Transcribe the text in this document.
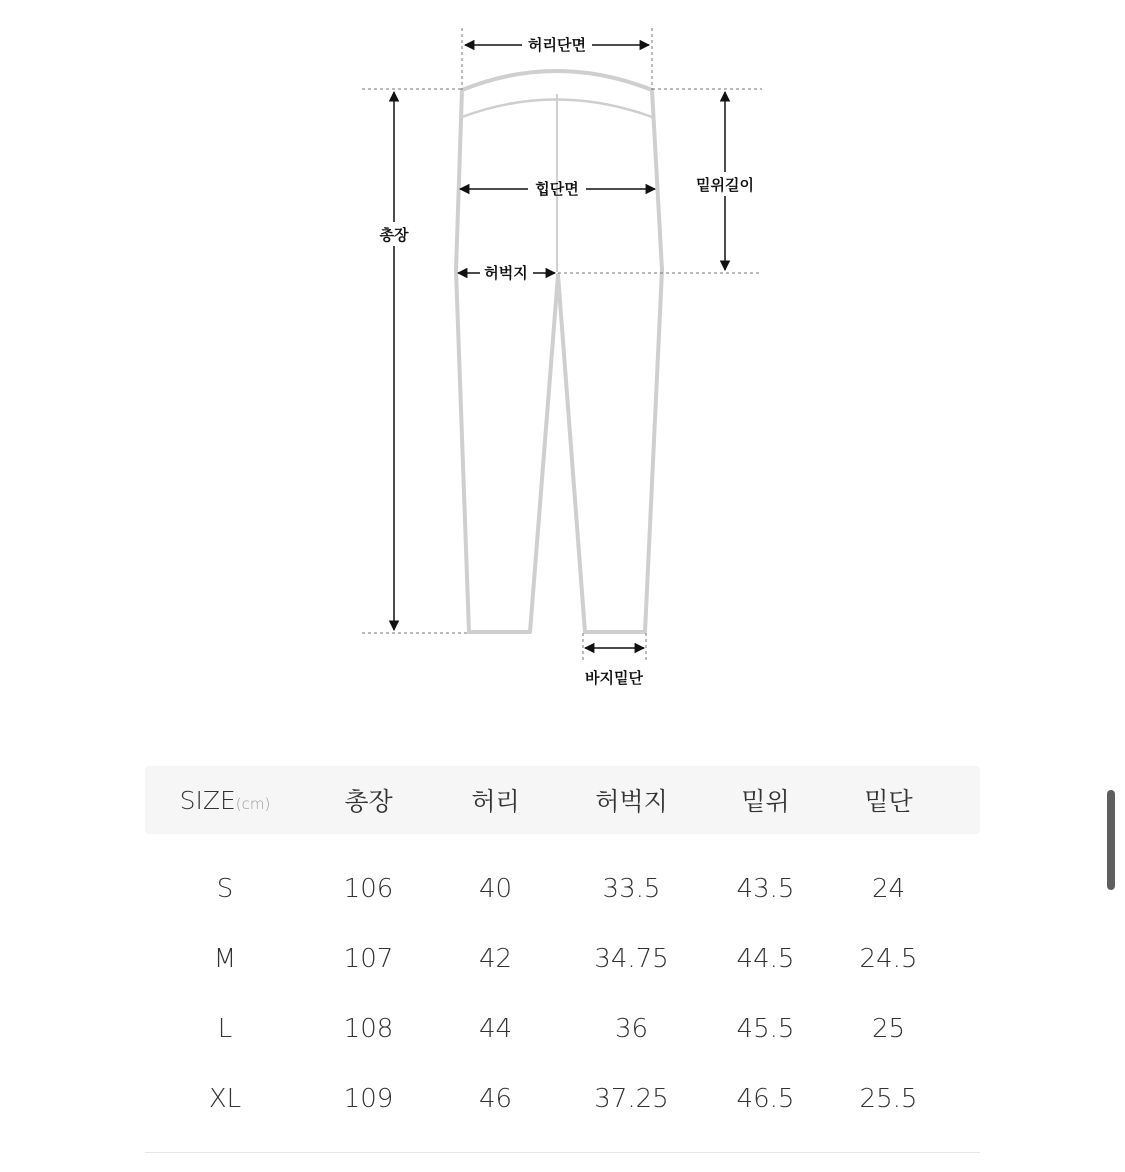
허리단면
총장
밑위길이
힙단면
허벅지
바지밑단
SIZE(cm)	총장	허리	허벅지	밑위	밑단
S	106	40	33.5	43.5	24
M	107	42	34.75	44.5	24.5
L	108	44	36	45.5	25
XL	109	46	37.25	46.5	25.5
